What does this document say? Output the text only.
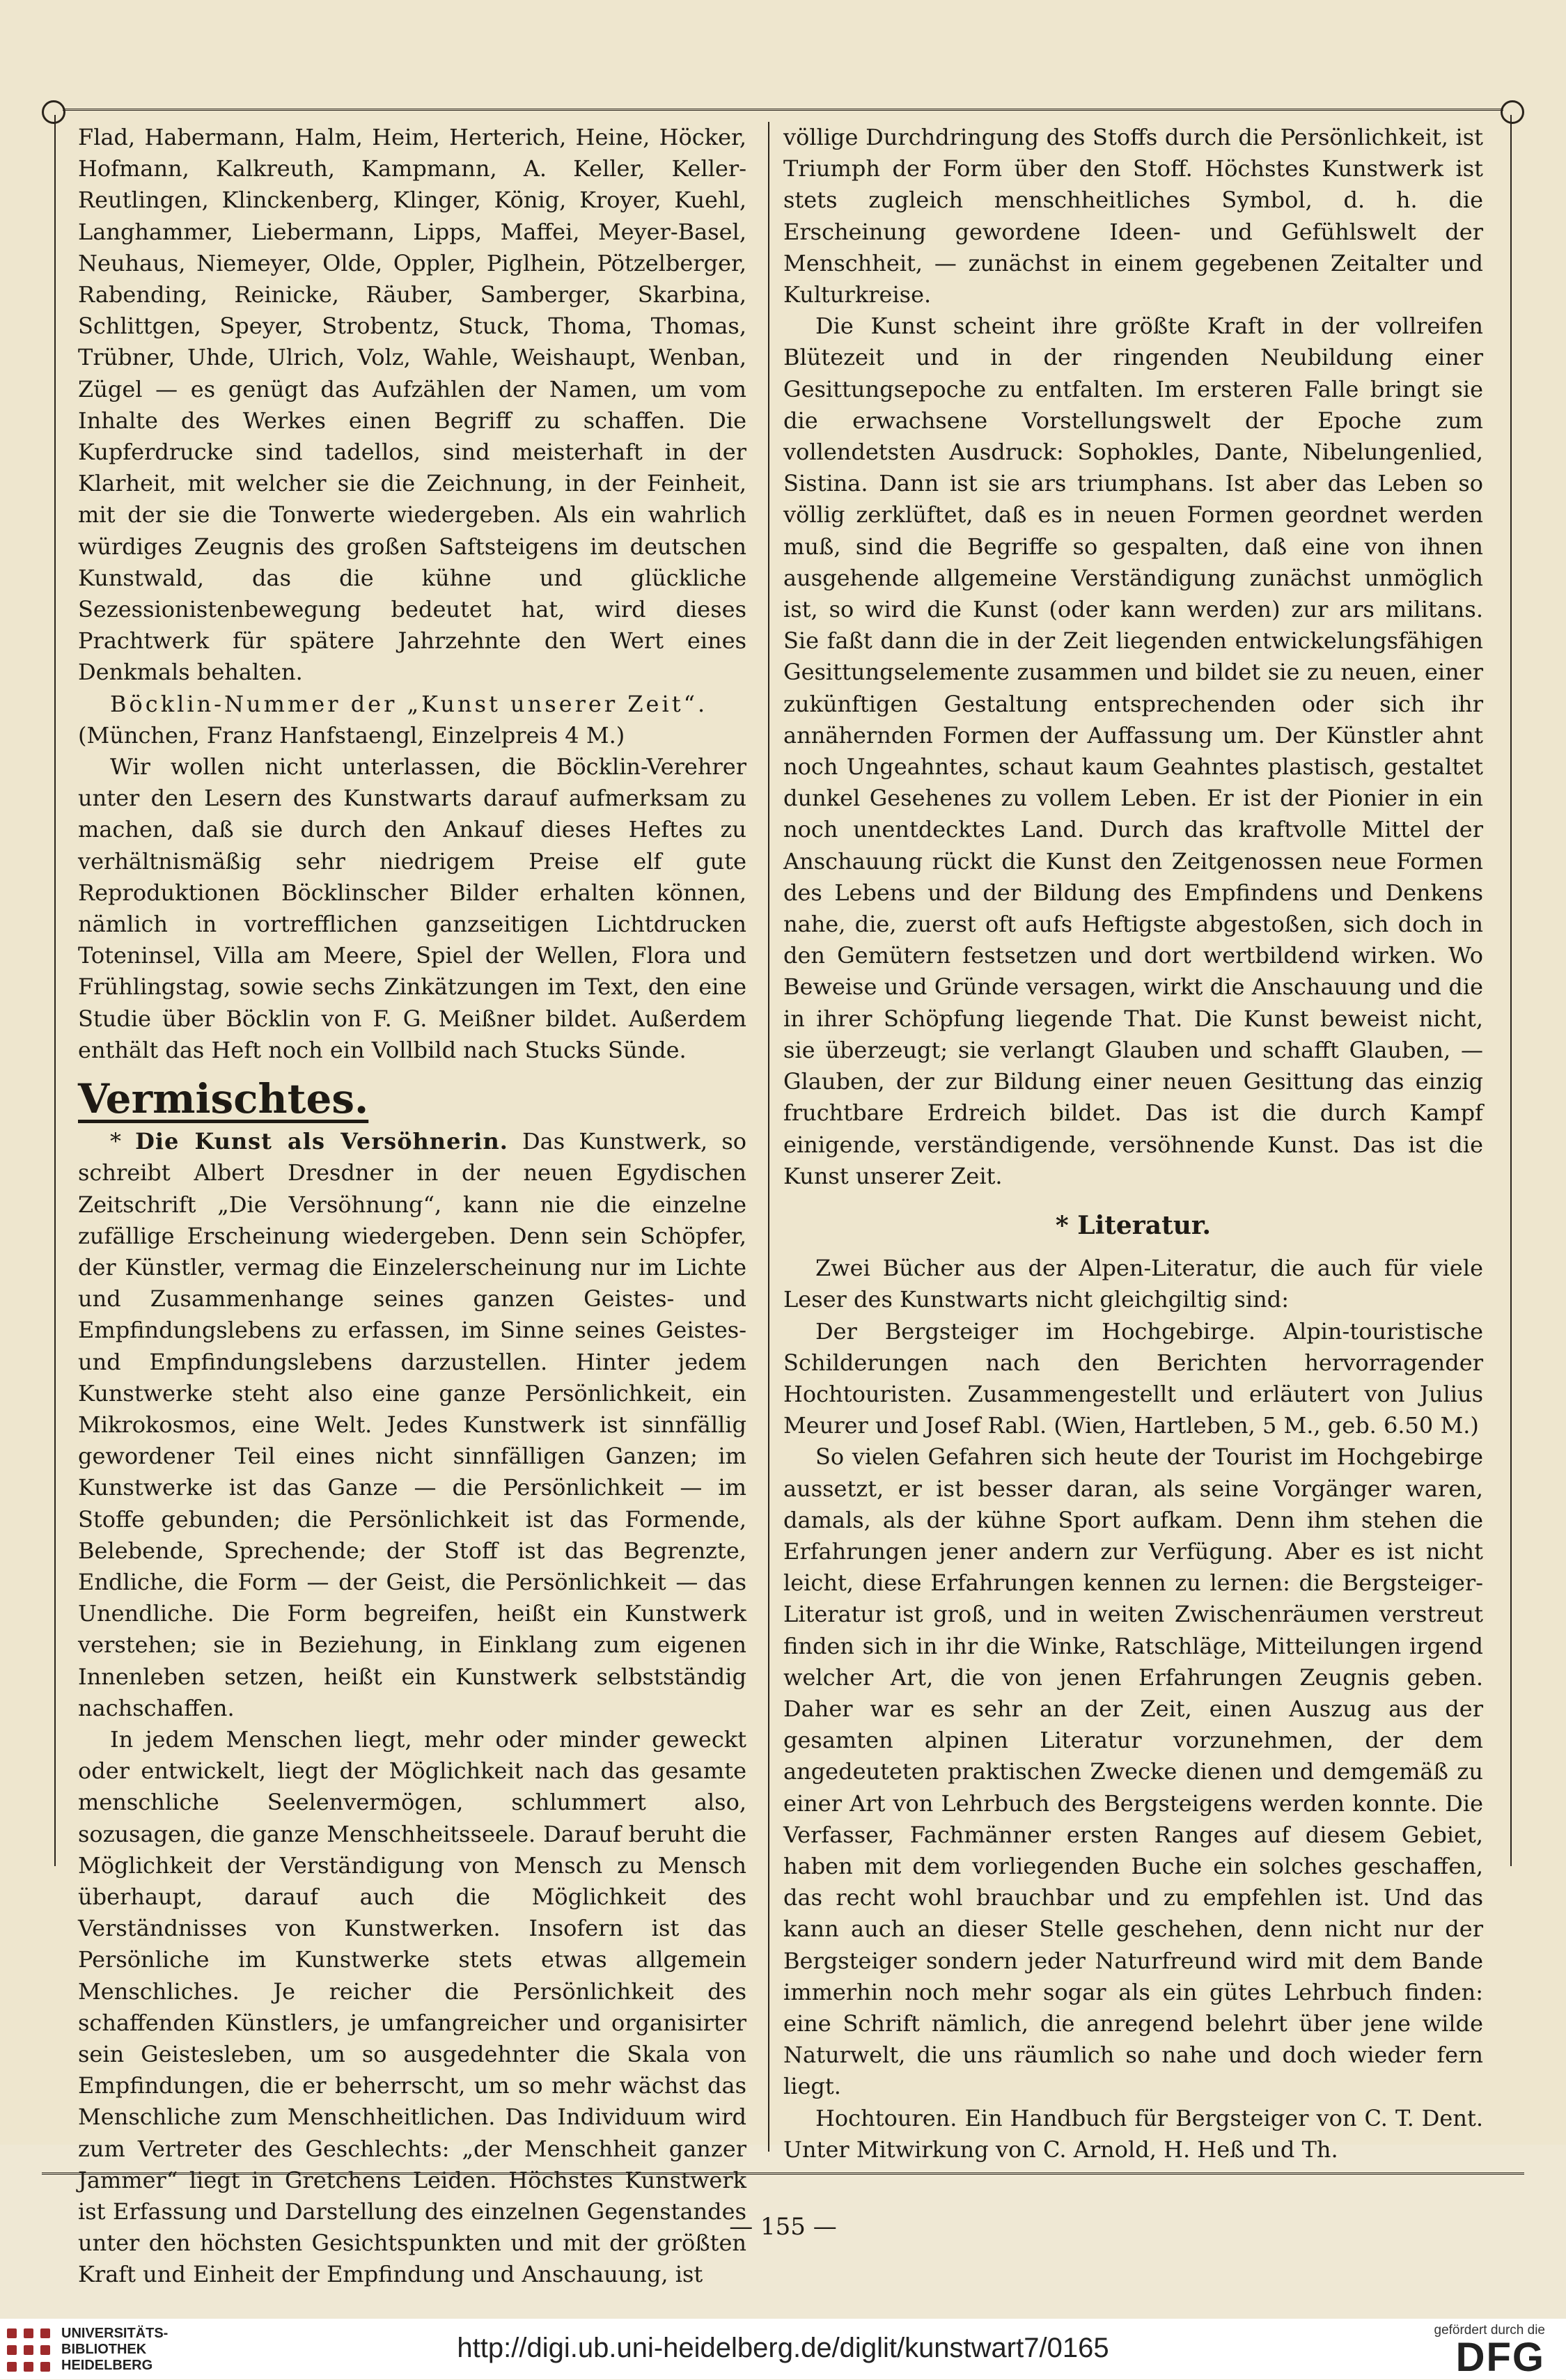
Flad, Habermann, Halm, Heim, Herterich, Heine, Höcker, Hofmann, Kalkreuth, Kampmann, A. Keller, Keller-Reutlingen, Klinckenberg, Klinger, König, Kroyer, Kuehl, Langhammer, Liebermann, Lipps, Maffei, Meyer-Basel, Neuhaus, Niemeyer, Olde, Oppler, Piglhein, Pötzelberger, Rabending, Reinicke, Räuber, Samberger, Skarbina, Schlittgen, Speyer, Strobentz, Stuck, Thoma, Thomas, Trübner, Uhde, Ulrich, Volz, Wahle, Weishaupt, Wenban, Zügel — es genügt das Aufzählen der Namen, um vom Inhalte des Werkes einen Begriff zu schaffen. Die Kupferdrucke sind tadellos, sind meisterhaft in der Klarheit, mit welcher sie die Zeichnung, in der Feinheit, mit der sie die Tonwerte wiedergeben. Als ein wahrlich würdiges Zeugnis des großen Saftsteigens im deutschen Kunstwald, das die kühne und glückliche Sezessionistenbewegung bedeutet hat, wird dieses Prachtwerk für spätere Jahrzehnte den Wert eines Denkmals behalten.

Böcklin-Nummer der „Kunst unserer Zeit“.

(München, Franz Hanfstaengl, Einzelpreis 4 M.)

Wir wollen nicht unterlassen, die Böcklin-Verehrer unter den Lesern des Kunstwarts darauf aufmerksam zu machen, daß sie durch den Ankauf dieses Heftes zu verhältnismäßig sehr niedrigem Preise elf gute Reproduktionen Böcklinscher Bilder erhalten können, nämlich in vortrefflichen ganzseitigen Lichtdrucken Toteninsel, Villa am Meere, Spiel der Wellen, Flora und Frühlingstag, sowie sechs Zinkätzungen im Text, den eine Studie über Böcklin von F. G. Meißner bildet. Außerdem enthält das Heft noch ein Vollbild nach Stucks Sünde.

Vermischtes.

* Die Kunst als Versöhnerin. Das Kunstwerk, so schreibt Albert Dresdner in der neuen Egydischen Zeitschrift „Die Versöhnung“, kann nie die einzelne zufällige Erscheinung wiedergeben. Denn sein Schöpfer, der Künstler, vermag die Einzelerscheinung nur im Lichte und Zusammenhange seines ganzen Geistes- und Empfindungslebens zu erfassen, im Sinne seines Geistes- und Empfindungslebens darzustellen. Hinter jedem Kunstwerke steht also eine ganze Persönlichkeit, ein Mikrokosmos, eine Welt. Jedes Kunstwerk ist sinnfällig gewordener Teil eines nicht sinnfälligen Ganzen; im Kunstwerke ist das Ganze — die Persönlichkeit — im Stoffe gebunden; die Persönlichkeit ist das Formende, Belebende, Sprechende; der Stoff ist das Begrenzte, Endliche, die Form — der Geist, die Persönlichkeit — das Unendliche. Die Form begreifen, heißt ein Kunstwerk verstehen; sie in Beziehung, in Einklang zum eigenen Innenleben setzen, heißt ein Kunstwerk selbstständig nachschaffen.

In jedem Menschen liegt, mehr oder minder geweckt oder entwickelt, liegt der Möglichkeit nach das gesamte menschliche Seelenvermögen, schlummert also, sozusagen, die ganze Menschheitsseele. Darauf beruht die Möglichkeit der Verständigung von Mensch zu Mensch überhaupt, darauf auch die Möglichkeit des Verständnisses von Kunstwerken. Insofern ist das Persönliche im Kunstwerke stets etwas allgemein Menschliches. Je reicher die Persönlichkeit des schaffenden Künstlers, je umfangreicher und organisirter sein Geistesleben, um so ausgedehnter die Skala von Empfindungen, die er beherrscht, um so mehr wächst das Menschliche zum Menschheitlichen. Das Individuum wird zum Vertreter des Geschlechts: „der Menschheit ganzer Jammer“ liegt in Gretchens Leiden. Höchstes Kunstwerk ist Erfassung und Darstellung des einzelnen Gegenstandes unter den höchsten Gesichtspunkten und mit der größten Kraft und Einheit der Empfindung und Anschauung, ist

völlige Durchdringung des Stoffs durch die Persönlichkeit, ist Triumph der Form über den Stoff. Höchstes Kunstwerk ist stets zugleich menschheitliches Symbol, d. h. die Erscheinung gewordene Ideen- und Gefühlswelt der Menschheit, — zunächst in einem gegebenen Zeitalter und Kulturkreise.

Die Kunst scheint ihre größte Kraft in der vollreifen Blütezeit und in der ringenden Neubildung einer Gesittungsepoche zu entfalten. Im ersteren Falle bringt sie die erwachsene Vorstellungswelt der Epoche zum vollendetsten Ausdruck: Sophokles, Dante, Nibelungenlied, Sistina. Dann ist sie ars triumphans. Ist aber das Leben so völlig zerklüftet, daß es in neuen Formen geordnet werden muß, sind die Begriffe so gespalten, daß eine von ihnen ausgehende allgemeine Verständigung zunächst unmöglich ist, so wird die Kunst (oder kann werden) zur ars militans. Sie faßt dann die in der Zeit liegenden entwickelungsfähigen Gesittungselemente zusammen und bildet sie zu neuen, einer zukünftigen Gestaltung entsprechenden oder sich ihr annähernden Formen der Auffassung um. Der Künstler ahnt noch Ungeahntes, schaut kaum Geahntes plastisch, gestaltet dunkel Gesehenes zu vollem Leben. Er ist der Pionier in ein noch unentdecktes Land. Durch das kraftvolle Mittel der Anschauung rückt die Kunst den Zeitgenossen neue Formen des Lebens und der Bildung des Empfindens und Denkens nahe, die, zuerst oft aufs Heftigste abgestoßen, sich doch in den Gemütern festsetzen und dort wertbildend wirken. Wo Beweise und Gründe versagen, wirkt die Anschauung und die in ihrer Schöpfung liegende That. Die Kunst beweist nicht, sie überzeugt; sie verlangt Glauben und schafft Glauben, — Glauben, der zur Bildung einer neuen Gesittung das einzig fruchtbare Erdreich bildet. Das ist die durch Kampf einigende, verständigende, versöhnende Kunst. Das ist die Kunst unserer Zeit.

* Literatur.

Zwei Bücher aus der Alpen-Literatur, die auch für viele Leser des Kunstwarts nicht gleichgiltig sind:

Der Bergsteiger im Hochgebirge. Alpin-touristische Schilderungen nach den Berichten hervorragender Hochtouristen. Zusammengestellt und erläutert von Julius Meurer und Josef Rabl. (Wien, Hartleben, 5 M., geb. 6.50 M.)

So vielen Gefahren sich heute der Tourist im Hochgebirge aussetzt, er ist besser daran, als seine Vorgänger waren, damals, als der kühne Sport aufkam. Denn ihm stehen die Erfahrungen jener andern zur Verfügung. Aber es ist nicht leicht, diese Erfahrungen kennen zu lernen: die Bergsteiger-Literatur ist groß, und in weiten Zwischenräumen verstreut finden sich in ihr die Winke, Ratschläge, Mitteilungen irgend welcher Art, die von jenen Erfahrungen Zeugnis geben. Daher war es sehr an der Zeit, einen Auszug aus der gesamten alpinen Literatur vorzunehmen, der dem angedeuteten praktischen Zwecke dienen und demgemäß zu einer Art von Lehrbuch des Bergsteigens werden konnte. Die Verfasser, Fachmänner ersten Ranges auf diesem Gebiet, haben mit dem vorliegenden Buche ein solches geschaffen, das recht wohl brauchbar und zu empfehlen ist. Und das kann auch an dieser Stelle geschehen, denn nicht nur der Bergsteiger sondern jeder Naturfreund wird mit dem Bande immerhin noch mehr sogar als ein gütes Lehrbuch finden: eine Schrift nämlich, die anregend belehrt über jene wilde Naturwelt, die uns räumlich so nahe und doch wieder fern liegt.

Hochtouren. Ein Handbuch für Bergsteiger von C. T. Dent. Unter Mitwirkung von C. Arnold, H. Heß und Th.

— 155 —
UNIVERSITÄTS-
BIBLIOTHEK
HEIDELBERG
http://digi.ub.uni-heidelberg.de/diglit/kunstwart7/0165
gefördert durch die
DFG
